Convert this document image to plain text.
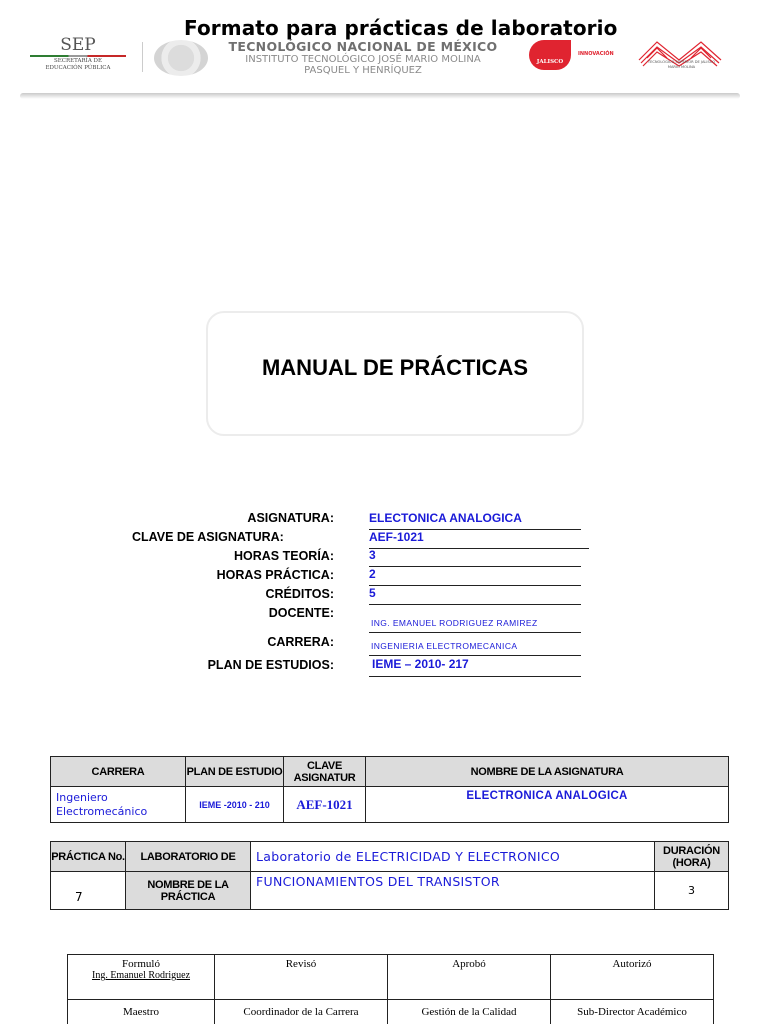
Formato para prácticas de laboratorio
SEP
SECRETARÍA DE
EDUCACIÓN PÚBLICA
TECNOLÓGICO NACIONAL DE MÉXICO
INSTITUTO TECNOLÓGICO JOSÉ MARIO MOLINA
PASQUEL Y HENRÍQUEZ
JALISCO
INNOVACIÓN
TECNOLÓGICO SUPERIOR DE JALISCO
MARIO MOLINA
MANUAL DE PRÁCTICAS
ASIGNATURA:	ELECTONICA ANALOGICA
CLAVE DE ASIGNATURA:	AEF-1021
HORAS TEORÍA:	3
HORAS PRÁCTICA:	2
CRÉDITOS:	5
DOCENTE:
ING. EMANUEL RODRIGUEZ RAMIREZ
CARRERA:	INGENIERIA ELECTROMECANICA
PLAN DE ESTUDIOS:	IEME – 2010- 217
CARRERA	PLAN DE ESTUDIO	CLAVE ASIGNATUR	NOMBRE DE LA ASIGNATURA
Ingeniero Electromecánico	IEME -2010 - 210	AEF-1021	ELECTRONICA ANALOGICA
PRÁCTICA No.	LABORATORIO DE	Laboratorio de ELECTRICIDAD Y ELECTRONICO	DURACIÓN (HORA)
7	NOMBRE DE LA PRÁCTICA	FUNCIONAMIENTOS DEL TRANSISTOR	3
Formuló
Ing. Emanuel Rodriguez	Revisó	Aprobó	Autorizó
Maestro	Coordinador de la Carrera	Gestión de la Calidad	Sub-Director Académico
